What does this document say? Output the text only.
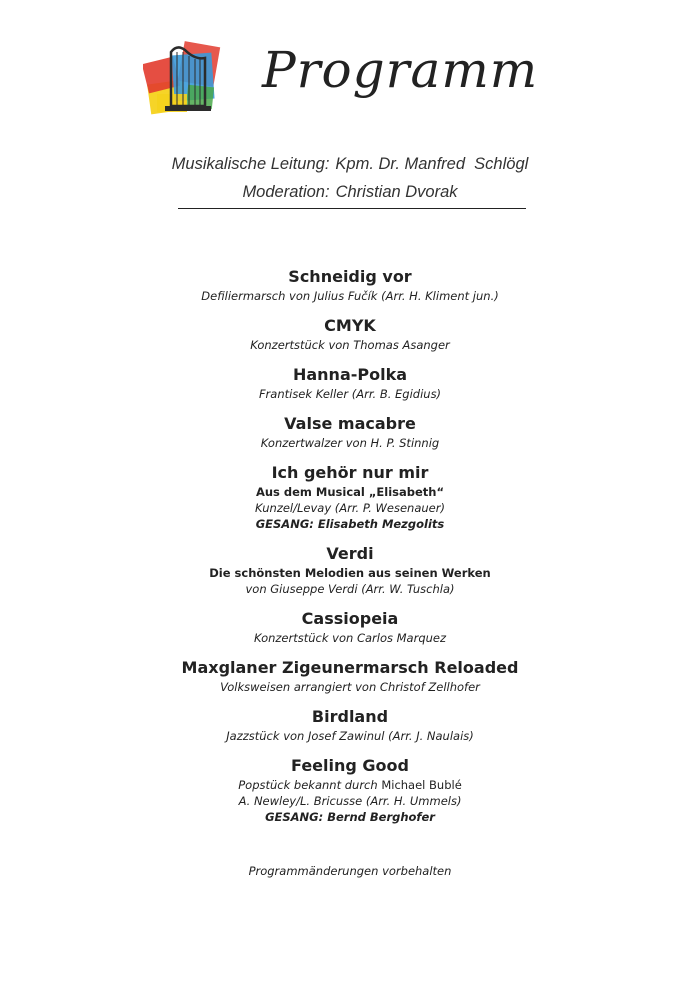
Programm
Musikalische Leitung: Kpm. Dr. Manfred  Schlögl
Moderation: Christian Dvorak
Schneidig vor
Defiliermarsch von Julius Fučík (Arr. H. Kliment jun.)
CMYK
Konzertstück von Thomas Asanger
Hanna-Polka
Frantisek Keller (Arr. B. Egidius)
Valse macabre
Konzertwalzer von H. P. Stinnig
Ich gehör nur mir
Aus dem Musical „Elisabeth“
Kunzel/Levay (Arr. P. Wesenauer)
GESANG: Elisabeth Mezgolits
Verdi
Die schönsten Melodien aus seinen Werken
von Giuseppe Verdi (Arr. W. Tuschla)
Cassiopeia
Konzertstück von Carlos Marquez
Maxglaner Zigeunermarsch Reloaded
Volksweisen arrangiert von Christof Zellhofer
Birdland
Jazzstück von Josef Zawinul (Arr. J. Naulais)
Feeling Good
Popstück bekannt durch Michael Bublé
A. Newley/L. Bricusse (Arr. H. Ummels)
GESANG: Bernd Berghofer
Programmänderungen vorbehalten
